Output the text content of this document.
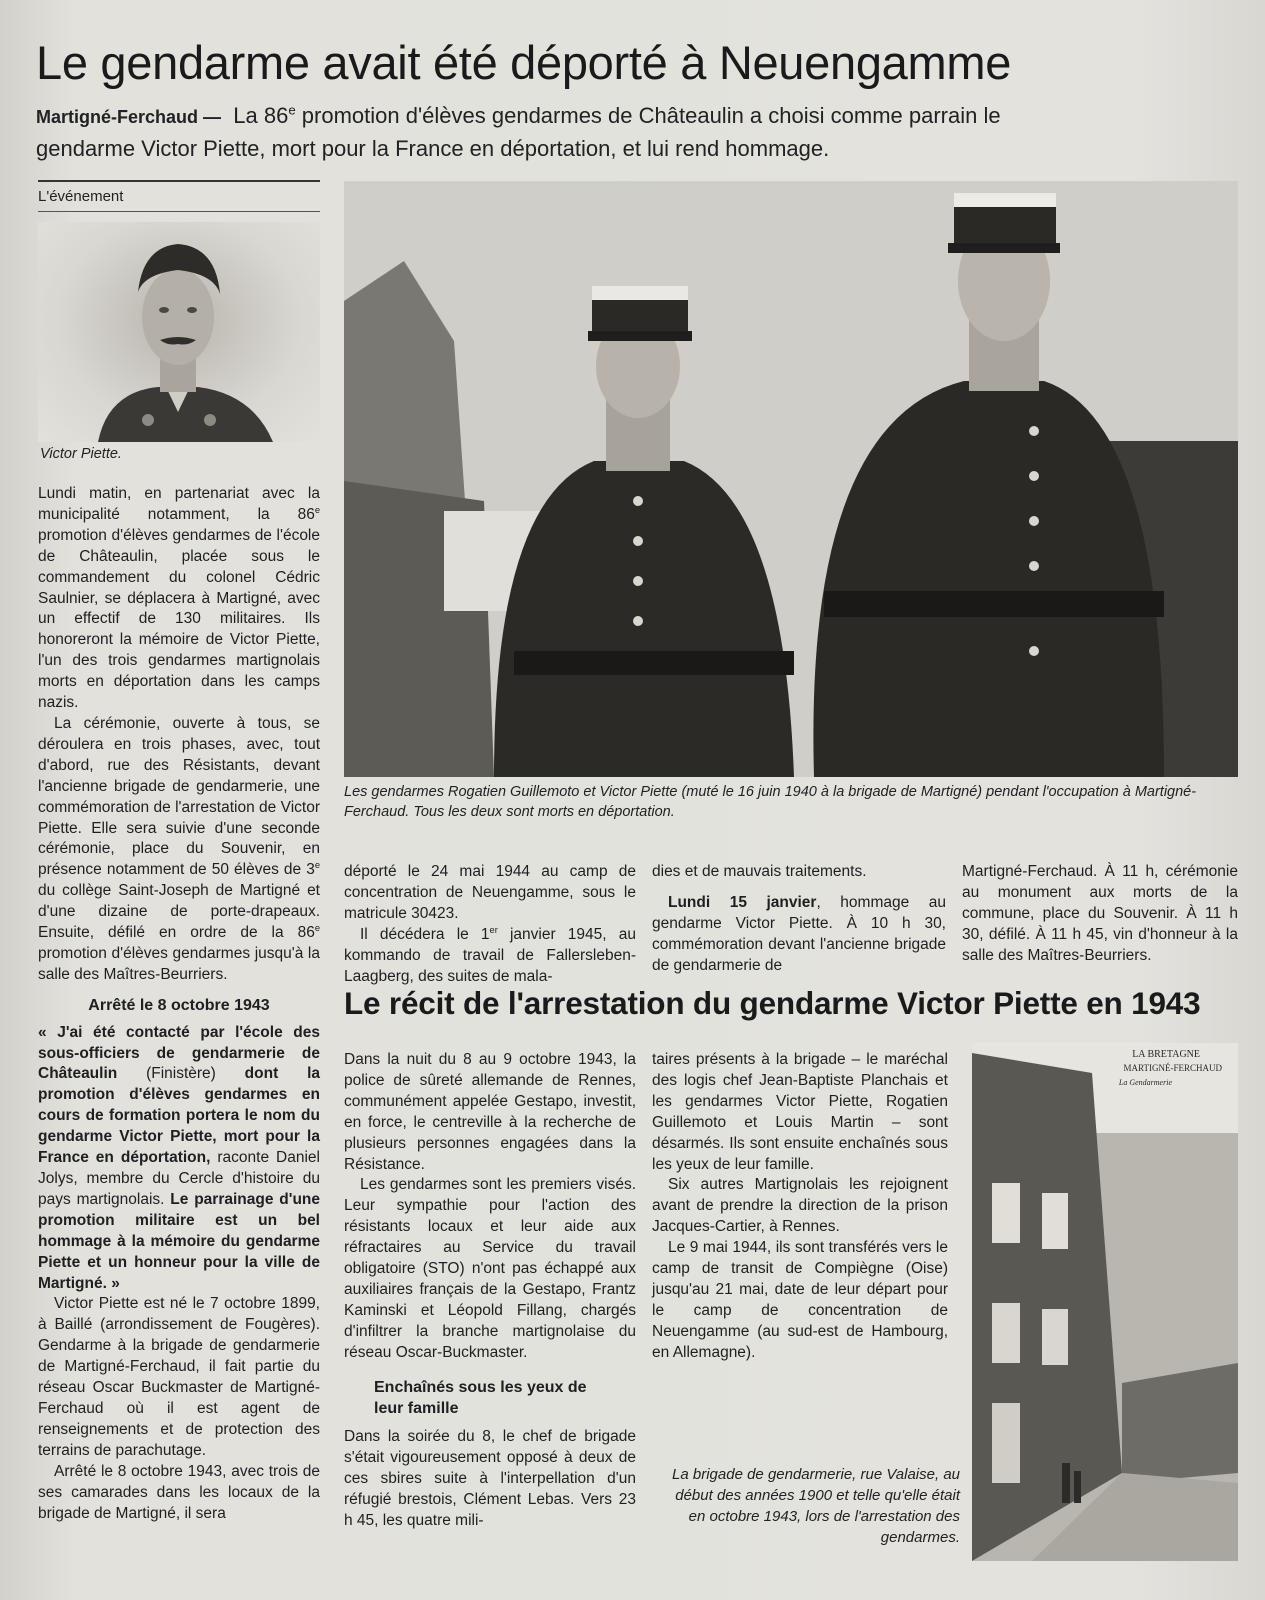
Le gendarme avait été déporté à Neuengamme

Martigné-Ferchaud — La 86e promotion d'élèves gendarmes de Châteaulin a choisi comme parrain le gendarme Victor Piette, mort pour la France en déportation, et lui rend hommage.

L'événement

Victor Piette.

Les gendarmes Rogatien Guillemoto et Victor Piette (muté le 16 juin 1940 à la brigade de Martigné) pendant l'occupation à Martigné-Ferchaud. Tous les deux sont morts en déportation.

Lundi matin, en partenariat avec la municipalité notamment, la 86e promotion d'élèves gendarmes de l'école de Châteaulin, placée sous le commandement du colonel Cédric Saulnier, se déplacera à Martigné, avec un effectif de 130 militaires. Ils honoreront la mémoire de Victor Piette, l'un des trois gendarmes martignolais morts en déportation dans les camps nazis.

La cérémonie, ouverte à tous, se déroulera en trois phases, avec, tout d'abord, rue des Résistants, devant l'ancienne brigade de gendarmerie, une commémoration de l'arrestation de Victor Piette. Elle sera suivie d'une seconde cérémonie, place du Souvenir, en présence notamment de 50 élèves de 3e du collège Saint-Joseph de Martigné et d'une dizaine de porte-drapeaux. Ensuite, défilé en ordre de la 86e promotion d'élèves gendarmes jusqu'à la salle des Maîtres-Beurriers.

Arrêté le 8 octobre 1943

« J'ai été contacté par l'école des sous-officiers de gendarmerie de Châteaulin (Finistère) dont la promotion d'élèves gendarmes en cours de formation portera le nom du gendarme Victor Piette, mort pour la France en déportation, raconte Daniel Jolys, membre du Cercle d'histoire du pays martignolais. Le parrainage d'une promotion militaire est un bel hommage à la mémoire du gendarme Piette et un honneur pour la ville de Martigné. »

Victor Piette est né le 7 octobre 1899, à Baillé (arrondissement de Fougères). Gendarme à la brigade de gendarmerie de Martigné-Ferchaud, il fait partie du réseau Oscar Buckmaster de Martigné-Ferchaud où il est agent de renseignements et de protection des terrains de parachutage.

Arrêté le 8 octobre 1943, avec trois de ses camarades dans les locaux de la brigade de Martigné, il sera

déporté le 24 mai 1944 au camp de concentration de Neuengamme, sous le matricule 30423.

Il décédera le 1er janvier 1945, au kommando de travail de Fallersleben-Laagberg, des suites de mala-

dies et de mauvais traitements.

Lundi 15 janvier, hommage au gendarme Victor Piette. À 10 h 30, commémoration devant l'ancienne brigade de gendarmerie de

Martigné-Ferchaud. À 11 h, cérémonie au monument aux morts de la commune, place du Souvenir. À 11 h 30, défilé. À 11 h 45, vin d'honneur à la salle des Maîtres-Beurriers.

Le récit de l'arrestation du gendarme Victor Piette en 1943

Dans la nuit du 8 au 9 octobre 1943, la police de sûreté allemande de Rennes, communément appelée Gestapo, investit, en force, le centreville à la recherche de plusieurs personnes engagées dans la Résistance.

Les gendarmes sont les premiers visés. Leur sympathie pour l'action des résistants locaux et leur aide aux réfractaires au Service du travail obligatoire (STO) n'ont pas échappé aux auxiliaires français de la Gestapo, Frantz Kaminski et Léopold Fillang, chargés d'infiltrer la branche martignolaise du réseau Oscar-Buckmaster.

Enchaînés sous les yeux de leur famille

Dans la soirée du 8, le chef de brigade s'était vigoureusement opposé à deux de ces sbires suite à l'interpellation d'un réfugié brestois, Clément Lebas. Vers 23 h 45, les quatre mili-

taires présents à la brigade – le maréchal des logis chef Jean-Baptiste Planchais et les gendarmes Victor Piette, Rogatien Guillemoto et Louis Martin – sont désarmés. Ils sont ensuite enchaînés sous les yeux de leur famille.

Six autres Martignolais les rejoignent avant de prendre la direction de la prison Jacques-Cartier, à Rennes.

Le 9 mai 1944, ils sont transférés vers le camp de transit de Compiègne (Oise) jusqu'au 21 mai, date de leur départ pour le camp de concentration de Neuengamme (au sud-est de Hambourg, en Allemagne).

La brigade de gendarmerie, rue Valaise, au début des années 1900 et telle qu'elle était en octobre 1943, lors de l'arrestation des gendarmes.

LA BRETAGNE
MARTIGNÉ-FERCHAUD
La Gendarmerie
